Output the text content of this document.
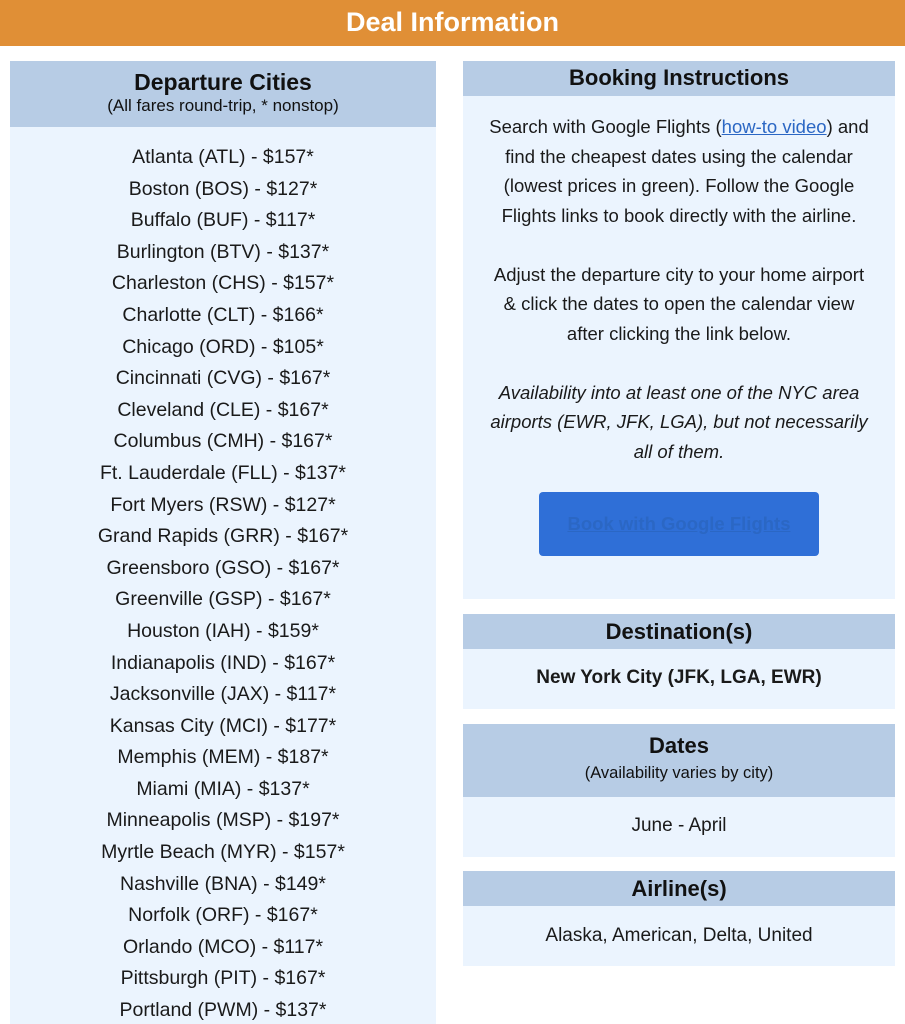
Deal Information
Departure Cities
(All fares round-trip, * nonstop)
Atlanta (ATL) - $157*
Boston (BOS) - $127*
Buffalo (BUF) - $117*
Burlington (BTV) - $137*
Charleston (CHS) - $157*
Charlotte (CLT) - $166*
Chicago (ORD) - $105*
Cincinnati (CVG) - $167*
Cleveland (CLE) - $167*
Columbus (CMH) - $167*
Ft. Lauderdale (FLL) - $137*
Fort Myers (RSW) - $127*
Grand Rapids (GRR) - $167*
Greensboro (GSO) - $167*
Greenville (GSP) - $167*
Houston (IAH) - $159*
Indianapolis (IND) - $167*
Jacksonville (JAX) - $117*
Kansas City (MCI) - $177*
Memphis (MEM) - $187*
Miami (MIA) - $137*
Minneapolis (MSP) - $197*
Myrtle Beach (MYR) - $157*
Nashville (BNA) - $149*
Norfolk (ORF) - $167*
Orlando (MCO) - $117*
Pittsburgh (PIT) - $167*
Portland (PWM) - $137*
Booking Instructions

Search with Google Flights (how-to video) and find the cheapest dates using the calendar (lowest prices in green). Follow the Google Flights links to book directly with the airline.

Adjust the departure city to your home airport & click the dates to open the calendar view after clicking the link below.

Availability into at least one of the NYC area airports (EWR, JFK, LGA), but not necessarily all of them.

Book with Google Flights
Destination(s)
New York City (JFK, LGA, EWR)
Dates
(Availability varies by city)
June - April
Airline(s)
Alaska, American, Delta, United
